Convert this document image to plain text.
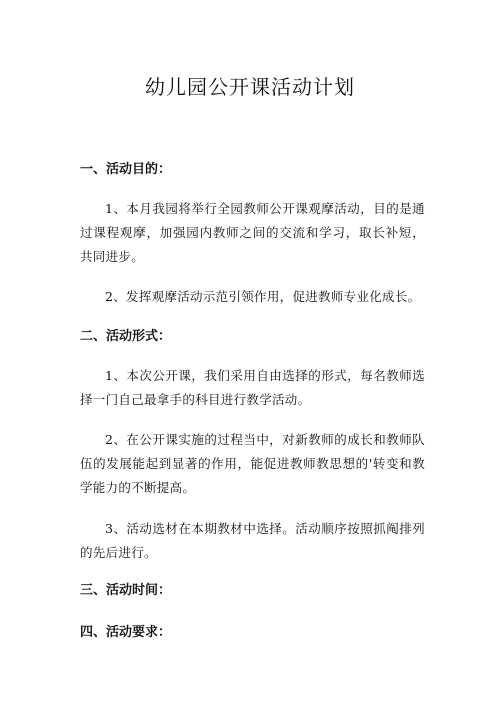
幼儿园公开课活动计划
一、活动目的：
1、本月我园将举行全园教师公开课观摩活动，目的是通过课程观摩，加强园内教师之间的交流和学习，取长补短，共同进步。
2、发挥观摩活动示范引领作用，促进教师专业化成长。
二、活动形式：
1、本次公开课，我们采用自由选择的形式，每名教师选择一门自己最拿手的科目进行教学活动。
2、在公开课实施的过程当中，对新教师的成长和教师队伍的发展能起到显著的作用，能促进教师教思想的'转变和教学能力的不断提高。
3、活动选材在本期教材中选择。活动顺序按照抓阄排列的先后进行。
三、活动时间：
四、活动要求：
